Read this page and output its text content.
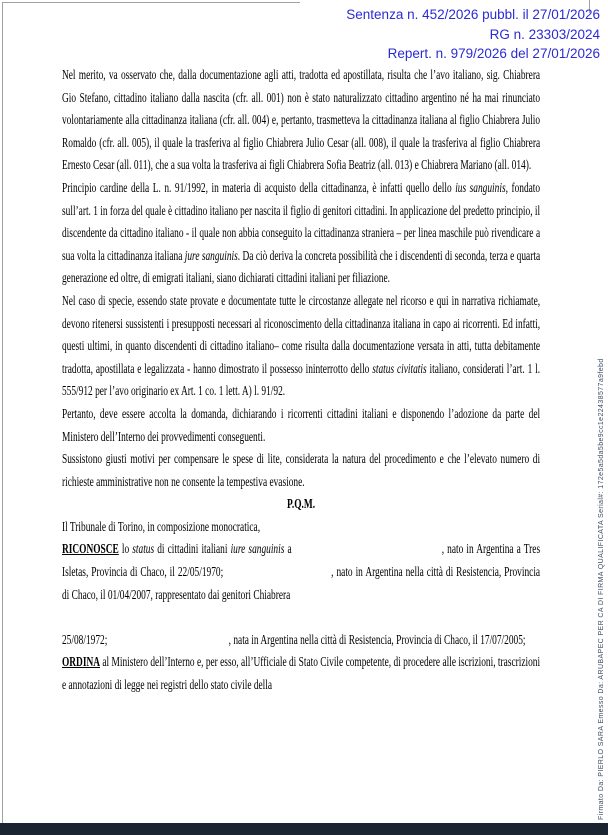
Sentenza n. 452/2026 pubbl. il 27/01/2026
RG n. 23303/2024
Repert. n. 979/2026 del 27/01/2026

Nel merito, va osservato che, dalla documentazione agli atti, tradotta ed apostillata, risulta che l’avo italiano, sig. Chiabrera Gio Stefano, cittadino italiano dalla nascita (cfr. all. 001) non è stato naturalizzato cittadino argentino né ha mai rinunciato volontariamente alla cittadinanza italiana (cfr. all. 004) e, pertanto, trasmetteva la cittadinanza italiana al figlio Chiabrera Julio Romaldo (cfr. all. 005), il quale la trasferiva al figlio Chiabrera Julio Cesar (all. 008), il quale la trasferiva al figlio Chiabrera Ernesto Cesar (all. 011), che a sua volta la trasferiva ai figli Chiabrera Sofia Beatriz (all. 013) e Chiabrera Mariano (all. 014).

Principio cardine della L. n. 91/1992, in materia di acquisto della cittadinanza, è infatti quello dello ius sanguinis, fondato sull’art. 1 in forza del quale è cittadino italiano per nascita il figlio di genitori cittadini. In applicazione del predetto principio, il discendente da cittadino italiano - il quale non abbia conseguito la cittadinanza straniera – per linea maschile può rivendicare a sua volta la cittadinanza italiana jure sanguinis. Da ciò deriva la concreta possibilità che i discendenti di seconda, terza e quarta generazione ed oltre, di emigrati italiani, siano dichiarati cittadini italiani per filiazione.

Nel caso di specie, essendo state provate e documentate tutte le circostanze allegate nel ricorso e qui in narrativa richiamate, devono ritenersi sussistenti i presupposti necessari al riconoscimento della cittadinanza italiana in capo ai ricorrenti. Ed infatti, questi ultimi, in quanto discendenti di cittadino italiano– come risulta dalla documentazione versata in atti, tutta debitamente tradotta, apostillata e legalizzata - hanno dimostrato il possesso ininterrotto dello status civitatis italiano, considerati l’art. 1 l. 555/912 per l’avo originario ex Art. 1 co. 1 lett. A) l. 91/92.

Pertanto, deve essere accolta la domanda, dichiarando i ricorrenti cittadini italiani e disponendo l’adozione da parte del Ministero dell’Interno dei provvedimenti conseguenti.

Sussistono giusti motivi per compensare le spese di lite, considerata la natura del procedimento e che l’elevato numero di richieste amministrative non ne consente la tempestiva evasione.

P.Q.M.

Il Tribunale di Torino, in composizione monocratica,

RICONOSCE lo status di cittadini italiani iure sanguinis a	, nato in Argentina a Tres Isletas, Provincia di Chaco, il 22/05/1970;	, nato in Argentina nella città di Resistencia, Provincia di Chaco, il 01/04/2007, rappresentato dai genitori Chiabrera

25/08/1972;	, nata in Argentina nella città di Resistencia, Provincia di Chaco, il 17/07/2005;

ORDINA al Ministero dell’Interno e, per esso, all’Ufficiale di Stato Civile competente, di procedere alle iscrizioni, trascrizioni e annotazioni di legge nei registri dello stato civile della	Firmato Da: PIERLO SARA Emesso Da: ARUBAPEC PER CA DI FIRMA QUALIFICATA Serial#: 172e5a5da5be9cc1e22438577a9febd
